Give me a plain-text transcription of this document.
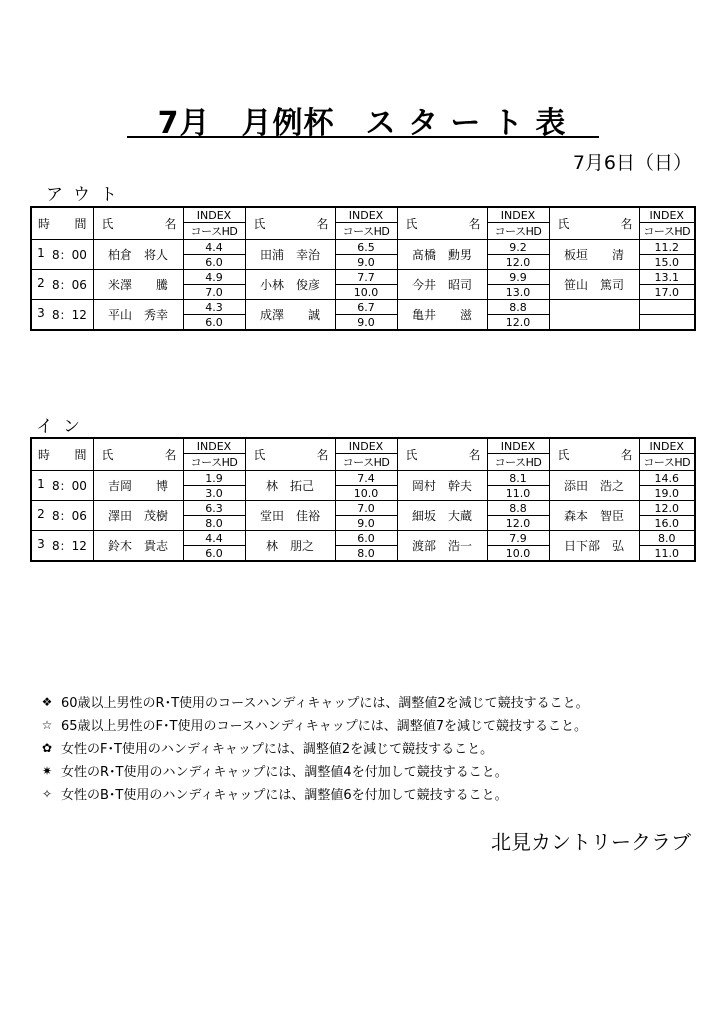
7月　月例杯　ス タ ー ト 表
7月6日（日）
アウト
時 間	氏 名	INDEX	氏 名	INDEX	氏 名	INDEX	氏 名	INDEX
		コースHD		コースHD		コースHD		コースHD

1 8：00	柏倉　将人	4.4	田浦　幸治	6.5	髙橋　勳男	9.2	板垣　　清	11.2
		6.0		9.0		12.0		15.0

2 8：06	米澤　　騰	4.9	小林　俊彦	7.7	今井　昭司	9.9	笹山　篤司	13.1
		7.0		10.0		13.0		17.0

3 8：12	平山　秀幸	4.3	成澤　　誠	6.7	亀井　　滋	8.8		
		6.0		9.0		12.0		
イン
時 間	氏 名	INDEX	氏 名	INDEX	氏 名	INDEX	氏 名	INDEX
		コースHD		コースHD		コースHD		コースHD

1 8：00	吉岡　　博	1.9	林　拓己	7.4	岡村　幹夫	8.1	添田　浩之	14.6
		3.0		10.0		11.0		19.0

2 8：06	澤田　茂樹	6.3	堂田　佳裕	7.0	細坂　大蔵	8.8	森本　智臣	12.0
		8.0		9.0		12.0		16.0

3 8：12	鈴木　貴志	4.4	林　朋之	6.0	渡部　浩一	7.9	日下部　弘	8.0
		6.0		8.0		10.0		11.0
❖ 60歳以上男性のR･T使用のコースハンディキャップには、調整値2を減じて競技すること。
☆ 65歳以上男性のF･T使用のコースハンディキャップには、調整値7を減じて競技すること。
✿ 女性のF･T使用のハンディキャップには、調整値2を減じて競技すること。
✷ 女性のR･T使用のハンディキャップには、調整値4を付加して競技すること。
✧ 女性のB･T使用のハンディキャップには、調整値6を付加して競技すること。
北見カントリークラブ
